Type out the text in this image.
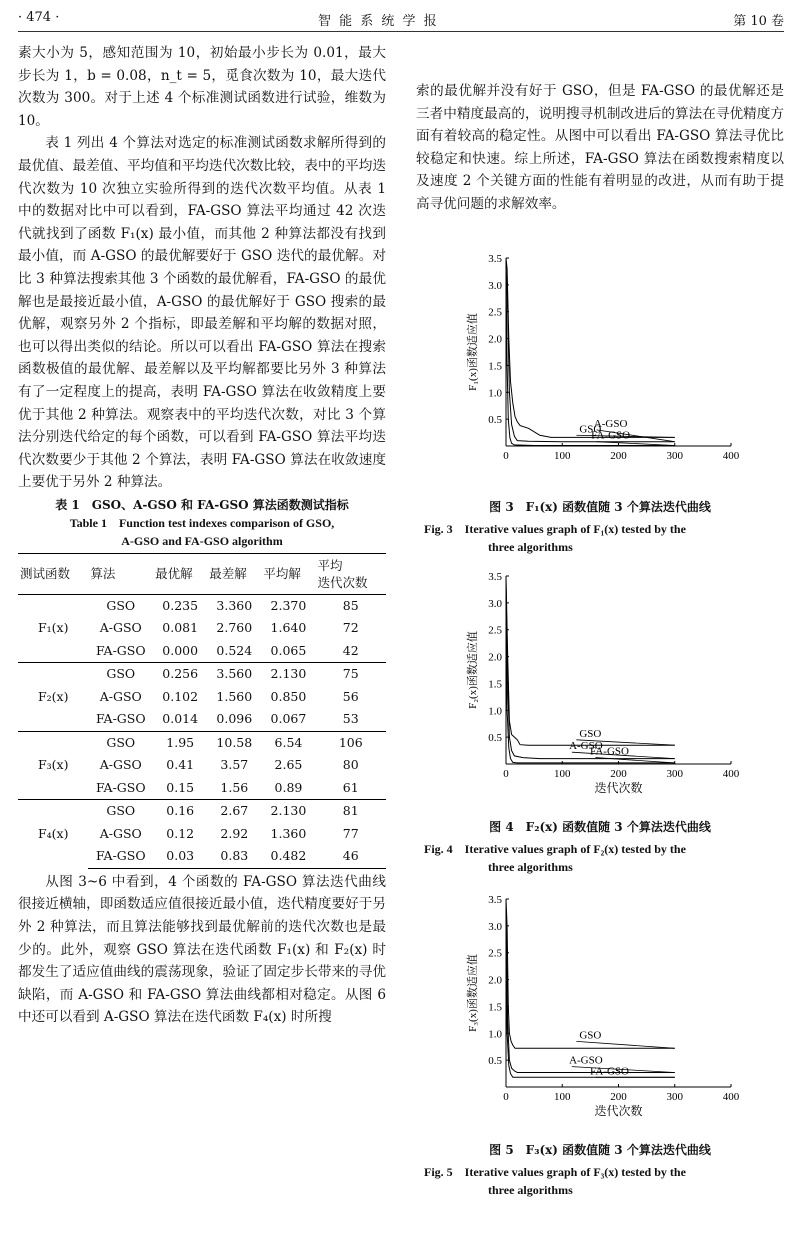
· 474 ·	智 能 系 统 学 报	第 10 卷

素大小为 5，感知范围为 10，初始最小步长为 0.01，最大步长为 1，b = 0.08，n_t = 5，觅食次数为 10，最大迭代次数为 300。对于上述 4 个标准测试函数进行试验，维数为 10。

表 1 列出 4 个算法对选定的标准测试函数求解所得到的最优值、最差值、平均值和平均迭代次数比较，表中的平均迭代次数为 10 次独立实验所得到的迭代次数平均值。从表 1 中的数据对比中可以看到，FA-GSO 算法平均通过 42 次迭代就找到了函数 F₁(x) 最小值，而其他 2 种算法都没有找到最小值，而 A-GSO 的最优解要好于 GSO 迭代的最优解。对比 3 种算法搜索其他 3 个函数的最优解看，FA-GSO 的最优解也是最接近最小值，A-GSO 的最优解好于 GSO 搜索的最优解，观察另外 2 个指标，即最差解和平均解的数据对照，也可以得出类似的结论。所以可以看出 FA-GSO 算法在搜索函数极值的最优解、最差解以及平均解都要比另外 3 种算法有了一定程度上的提高，表明 FA-GSO 算法在收敛精度上要优于其他 2 种算法。观察表中的平均迭代次数，对比 3 个算法分别迭代给定的每个函数，可以看到 FA-GSO 算法平均迭代次数要少于其他 2 个算法，表明 FA-GSO 算法在收敛速度上要优于另外 2 种算法。

表 1　GSO、A-GSO 和 FA-GSO 算法函数测试指标
Table 1　Function test indexes comparison of GSO,
A-GSO and FA-GSO algorithm
测试函数	算法	最优解	最差解	平均解	平均
迭代次数
F₁(x)	GSO	0.235	3.360	2.370	85
	A-GSO	0.081	2.760	1.640	72
	FA-GSO	0.000	0.524	0.065	42
F₂(x)	GSO	0.256	3.560	2.130	75
	A-GSO	0.102	1.560	0.850	56
	FA-GSO	0.014	0.096	0.067	53
F₃(x)	GSO	1.95	10.58	6.54	106
	A-GSO	0.41	3.57	2.65	80
	FA-GSO	0.15	1.56	0.89	61
F₄(x)	GSO	0.16	2.67	2.130	81
	A-GSO	0.12	2.92	1.360	77
	FA-GSO	0.03	0.83	0.482	46

从图 3~6 中看到，4 个函数的 FA-GSO 算法迭代曲线很接近横轴，即函数适应值很接近最小值，迭代精度要好于另外 2 种算法，而且算法能够找到最优解前的迭代次数也是最少的。此外，观察 GSO 算法在迭代函数 F₁(x) 和 F₂(x) 时都发生了适应值曲线的震荡现象，验证了固定步长带来的寻优缺陷，而 A-GSO 和 FA-GSO 算法曲线都相对稳定。从图 6 中还可以看到 A-GSO 算法在迭代函数 F₄(x) 时所搜

索的最优解并没有好于 GSO，但是 FA-GSO 的最优解还是三者中精度最高的，说明搜寻机制改进后的算法在寻优精度方面有着较高的稳定性。从图中可以看出 FA-GSO 算法寻优比较稳定和快速。综上所述，FA-GSO 算法在函数搜索精度以及速度 2 个关键方面的性能有着明显的改进，从而有助于提高寻优问题的求解效率。

0.5
1.0
1.5
2.0
2.5
3.0
3.5
0	100	200	300	400
F₁(x)函数适应值
GSO
A-GSO
FA-GSO
图 3　F₁(x) 函数值随 3 个算法迭代曲线
Fig. 3　Iterative values graph of F₁(x) tested by the
three algorithms
0.5
1.0
1.5
2.0
2.5
3.0
3.5
0	100	200	300	400
F₂(x)函数适应值
迭代次数
GSO
A-GSO
FA-GSO
图 4　F₂(x) 函数值随 3 个算法迭代曲线
Fig. 4　Iterative values graph of F₂(x) tested by the
three algorithms
0.5
1.0
1.5
2.0
2.5
3.0
3.5
0	100	200	300	400
F₃(x)函数适应值
迭代次数
GSO
A-GSO
FA-GSO
图 5　F₃(x) 函数值随 3 个算法迭代曲线
Fig. 5　Iterative values graph of F₃(x) tested by the
three algorithms
